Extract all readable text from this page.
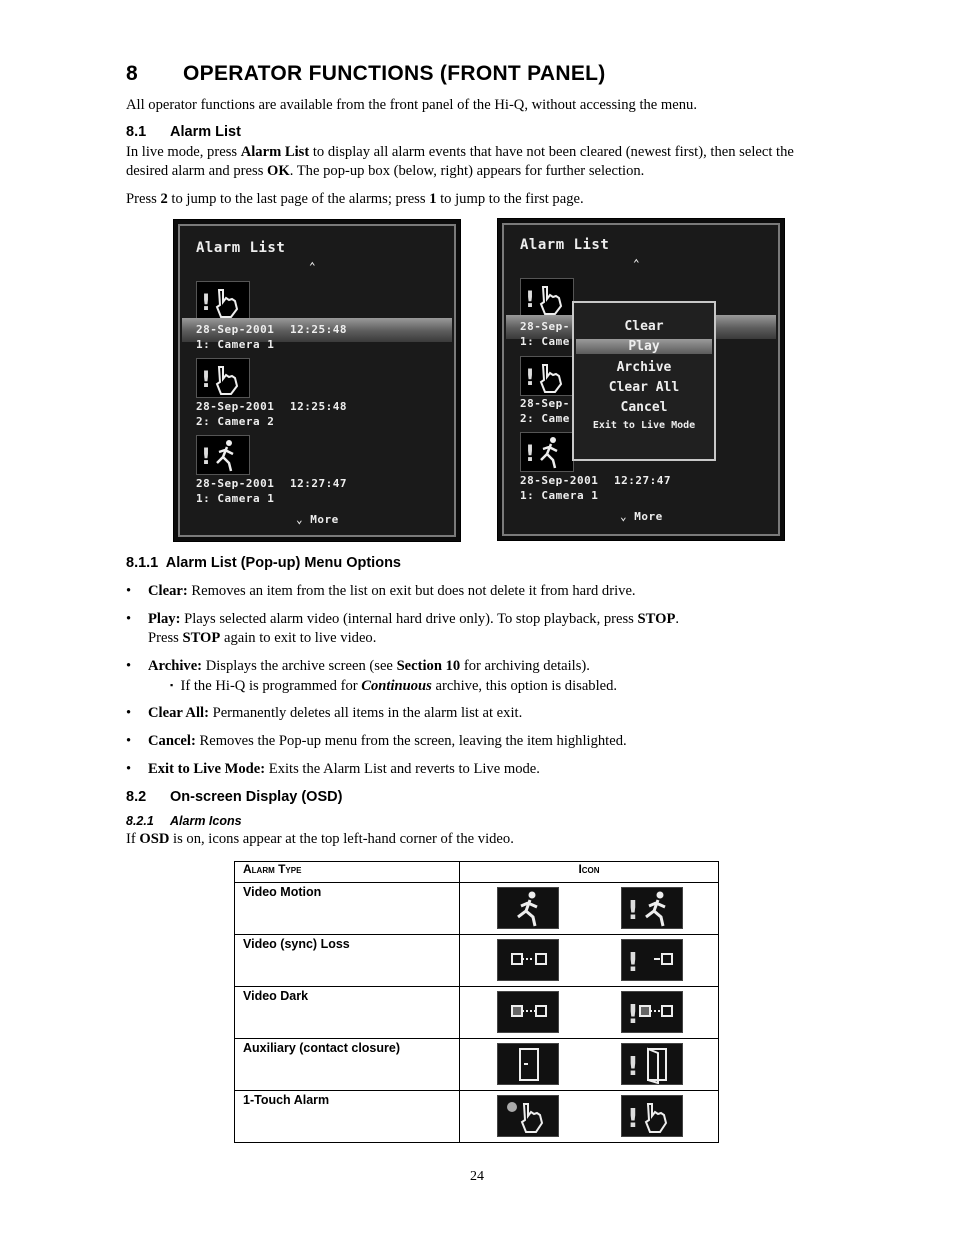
8 OPERATOR FUNCTIONS (FRONT PANEL)
All operator functions are available from the front panel of the Hi-Q, without accessing the menu.
8.1 Alarm List
In live mode, press Alarm List to display all alarm events that have not been cleared (newest first), then select the
desired alarm and press OK. The pop-up box (below, right) appears for further selection.
Press 2 to jump to the last page of the alarms; press 1 to jump to the first page.
Alarm List
⌃
!
28-Sep-2001 12:25:48
1: Camera 1
!
28-Sep-2001 12:25:48
2: Camera 2
!
28-Sep-2001 12:27:47
1: Camera 1
⌄ More
Alarm List
⌃
!
28-Sep-
1: Came
!
28-Sep-
2: Came
!
28-Sep-2001 12:27:47
1: Camera 1
Clear
Play
Archive
Clear All
Cancel
Exit to Live Mode
⌄ More
8.1.1 Alarm List (Pop-up) Menu Options
• Clear: Removes an item from the list on exit but does not delete it from hard drive.
• Play: Plays selected alarm video (internal hard drive only). To stop playback, press STOP.
Press STOP again to exit to live video.
• Archive: Displays the archive screen (see Section 10 for archiving details).
▪ If the Hi-Q is programmed for Continuous archive, this option is disabled.
• Clear All: Permanently deletes all items in the alarm list at exit.
• Cancel: Removes the Pop-up menu from the screen, leaving the item highlighted.
• Exit to Live Mode: Exits the Alarm List and reverts to Live mode.
8.2 On-screen Display (OSD)
8.2.1 Alarm Icons
If OSD is on, icons appear at the top left-hand corner of the video.
Alarm Type	Icon
Video Motion	!

Video (sync) Loss	!

Video Dark	!

Auxiliary (contact closure)	!

1-Touch Alarm	!
24
